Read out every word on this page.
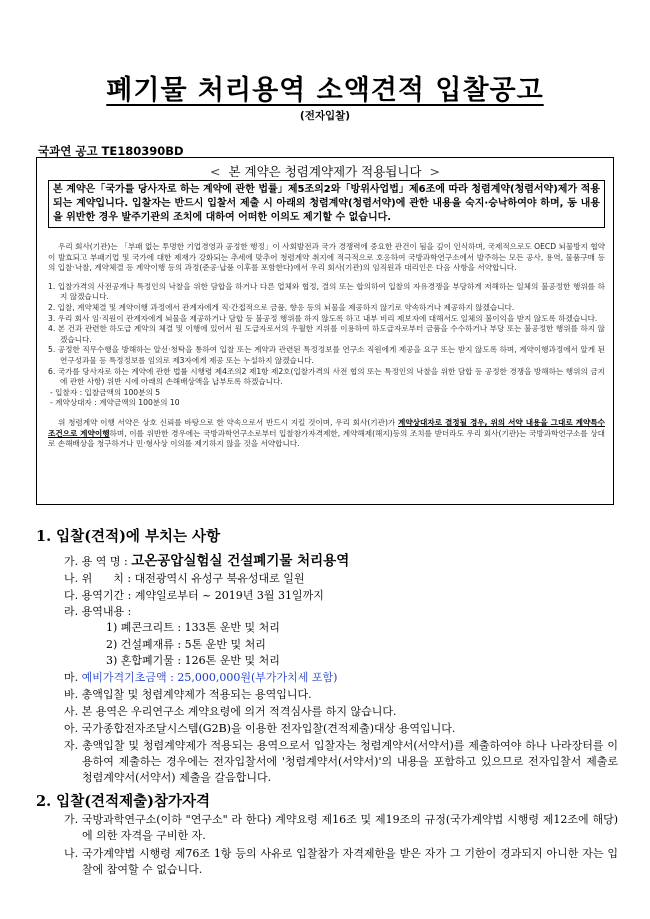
폐기물 처리용역 소액견적 입찰공고
(전자입찰)
국과연 공고 TE180390BD
< 본 계약은 청렴계약제가 적용됩니다 >
본 계약은「국가를 당사자로 하는 계약에 관한 법률」제5조의2와「방위사업법」제6조에 따라 청렴계약(청렴서약)제가 적용되는 계약입니다. 입찰자는 반드시 입찰서 제출 시 아래의 청렴계약(청렴서약)에 관한 내용을 숙지·승낙하여야 하며, 동 내용을 위반한 경우 발주기관의 조치에 대하여 어떠한 이의도 제기할 수 없습니다.

우리 회사(기관)는 「부패 없는 투명한 기업경영과 공정한 행정」이 사회발전과 국가 경쟁력에 중요한 관건이 됨을 깊이 인식하며, 국제적으로도 OECD 뇌물방지 협약이 발효되고 부패기업 및 국가에 대한 제재가 강화되는 추세에 맞추어 청렴계약 취지에 적극적으로 호응하여 국방과학연구소에서 발주하는 모든 공사, 용역, 물품구매 등의 입찰·낙찰, 계약체결 등 계약이행 등의 과정(준공·납품 이후를 포함한다)에서 우리 회사(기관)의 임직원과 대리인은 다음 사항을 서약합니다.

1. 입찰가격의 사전공개나 특정인의 낙찰을 위한 담합을 하거나 다른 업체와 협정, 결의 또는 합의하여 입찰의 자유경쟁을 부당하게 저해하는 일체의 불공정한 행위를 하지 않겠습니다.
2. 입찰, 계약체결 및 계약이행 과정에서 관계자에게 직·간접적으로 금품, 향응 등의 뇌물을 제공하지 않기로 약속하거나 제공하지 않겠습니다.
3. 우리 회사 임·직원이 관계자에게 뇌물을 제공하거나 담합 등 불공정 행위를 하지 않도록 하고 내부 비리 제보자에 대해서도 일체의 불이익을 받지 않도록 하겠습니다.
4. 본 건과 관련한 하도급 계약의 체결 및 이행에 있어서 원 도급자로서의 우월한 지위를 이용하여 하도급자로부터 금품을 수수하거나 부당 또는 불공정한 행위를 하지 않겠습니다.
5. 공정한 직무수행을 방해하는 알선·청탁을 통하여 입찰 또는 계약과 관련된 특정정보를 연구소 직원에게 제공을 요구 또는 받지 않도록 하며, 계약이행과정에서 알게 된 연구성과물 등 특정정보를 임의로 제3자에게 제공 또는 누설하지 않겠습니다.
6. 국가를 당사자로 하는 계약에 관한 법률 시행령 제4조의2 제1항 제2호(입찰가격의 사전 협의 또는 특정인의 낙찰을 위한 담합 등 공정한 경쟁을 방해하는 행위의 금지에 관한 사항) 위반 시에 아래의 손해배상액을 납부토록 하겠습니다.
- 입찰자 : 입찰금액의 100분의 5
- 계약상대자 : 계약금액의 100분의 10

위 청렴계약 이행 서약은 상호 신뢰를 바탕으로 한 약속으로서 반드시 지킬 것이며, 우리 회사(기관)가 계약상대자로 결정될 경우, 위의 서약 내용을 그대로 계약특수조건으로 계약이행하며, 이를 위반한 경우에는 국방과학연구소로부터 입찰참가자격제한, 계약해제(해지)등의 조치를 받더라도 우리 회사(기관)는 국방과학연구소를 상대로 손해배상을 청구하거나 민·형사상 이의를 제기하지 않을 것을 서약합니다.

1. 입찰(견적)에 부치는 사항
가. 용 역 명 : 고온공압실험실 건설폐기물 처리용역
나. 위      치 : 대전광역시 유성구 북유성대로 일원
다. 용역기간 : 계약일로부터 ~ 2019년 3월 31일까지
라. 용역내용 :
1) 폐콘크리트 : 133톤 운반 및 처리
2) 건설폐재류 : 5톤 운반 및 처리
3) 혼합폐기물 : 126톤 운반 및 처리
마. 예비가격기초금액 : 25,000,000원(부가가치세 포함)
바. 총액입찰 및 청렴계약제가 적용되는 용역입니다.
사. 본 용역은 우리연구소 계약요령에 의거 적격심사를 하지 않습니다.
아. 국가종합전자조달시스템(G2B)을 이용한 전자입찰(견적제출)대상 용역입니다.
자. 총액입찰 및 청렴계약제가 적용되는 용역으로서 입찰자는 청렴계약서(서약서)를 제출하여야 하나 나라장터를 이용하여 제출하는 경우에는 전자입찰서에 '청렴계약서(서약서)'의 내용을 포함하고 있으므로 전자입찰서 제출로 청렴계약서(서약서) 제출을 갈음합니다.
2. 입찰(견적제출)참가자격
가. 국방과학연구소(이하 "연구소" 라 한다) 계약요령 제16조 및 제19조의 규정(국가계약법 시행령 제12조에 해당)에 의한 자격을 구비한 자.
나. 국가계약법 시행령 제76조 1항 등의 사유로 입찰참가 자격제한을 받은 자가 그 기한이 경과되지 아니한 자는 입찰에 참여할 수 없습니다.
